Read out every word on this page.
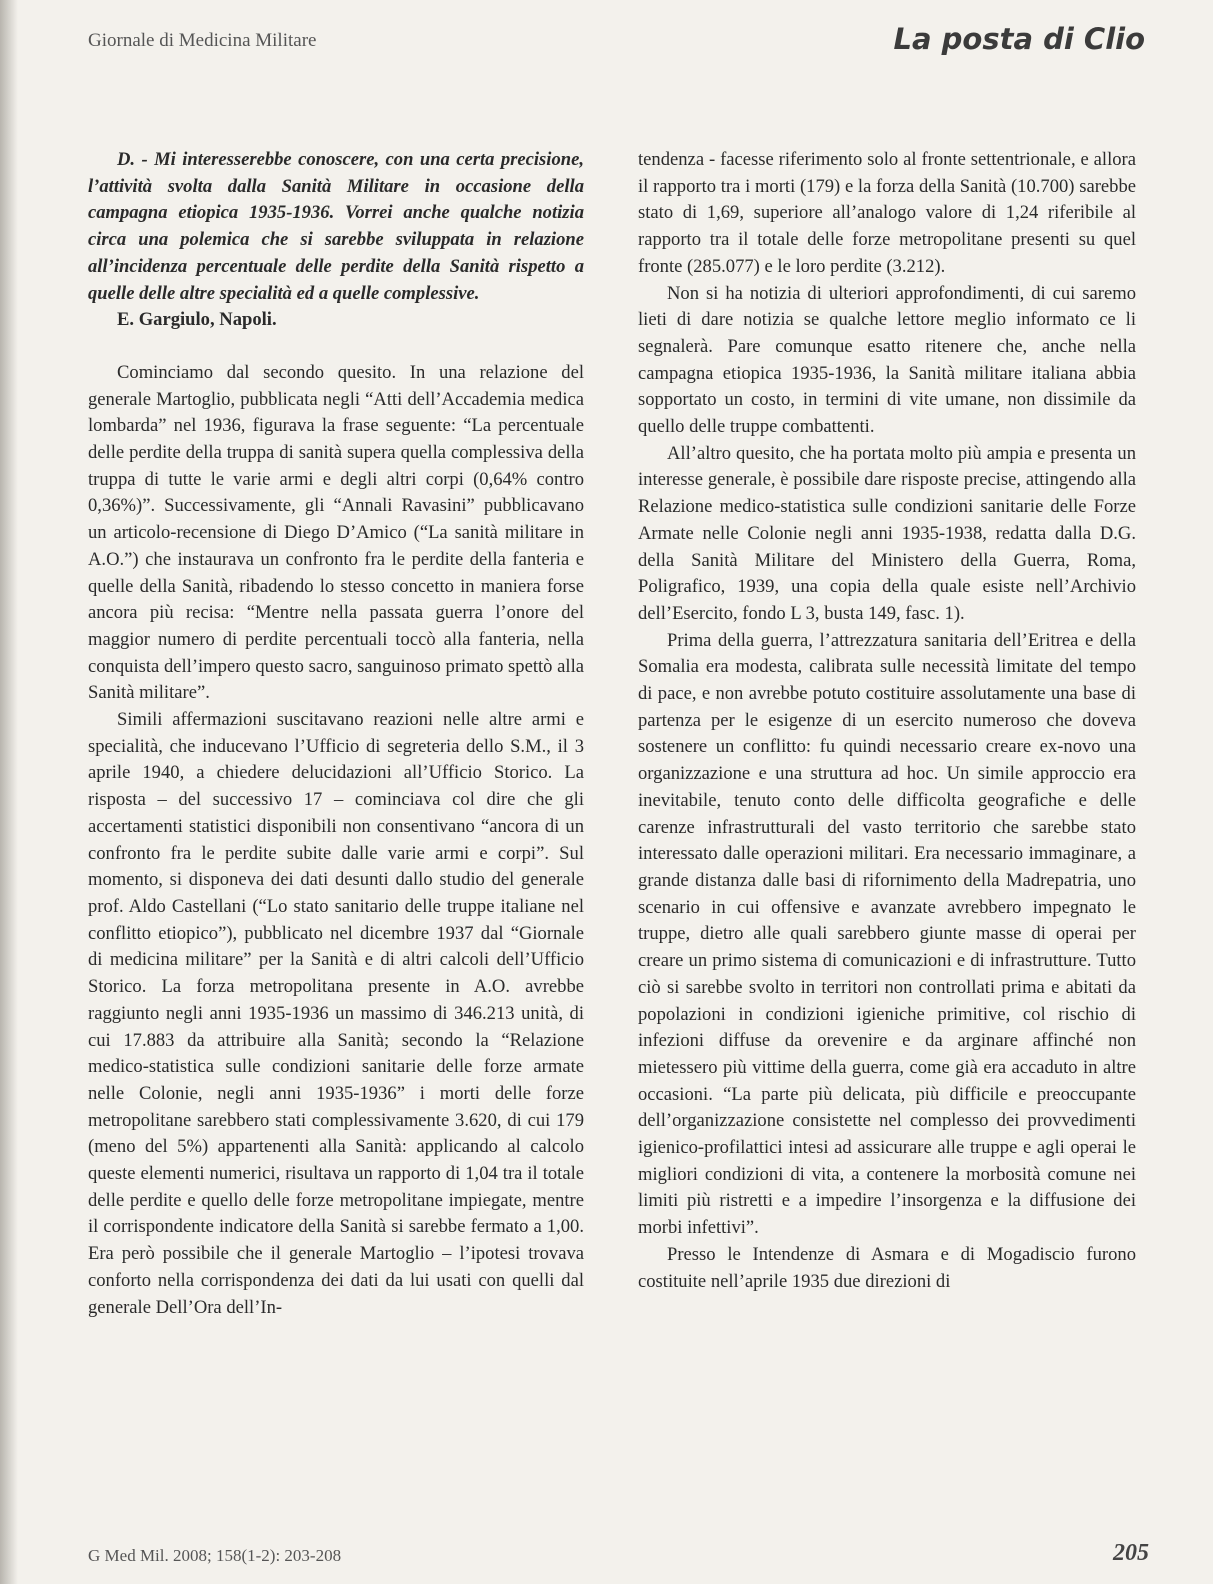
Giornale di Medicina Militare	La posta di Clio

D. - Mi interesserebbe conoscere, con una certa precisione, l’attività svolta dalla Sanità Militare in occasione della campagna etiopica 1935-1936. Vorrei anche qualche notizia circa una polemica che si sarebbe sviluppata in relazione all’incidenza percentuale delle perdite della Sanità rispetto a quelle delle altre specialità ed a quelle complessive.

E. Gargiulo, Napoli.

Cominciamo dal secondo quesito. In una relazione del generale Martoglio, pubblicata negli “Atti dell’Accademia medica lombarda” nel 1936, figurava la frase seguente: “La percentuale delle perdite della truppa di sanità supera quella complessiva della truppa di tutte le varie armi e degli altri corpi (0,64% contro 0,36%)”. Successivamente, gli “Annali Ravasini” pubblicavano un articolo-recensione di Diego D’Amico (“La sanità militare in A.O.”) che instaurava un confronto fra le perdite della fanteria e quelle della Sanità, ribadendo lo stesso concetto in maniera forse ancora più recisa: “Mentre nella passata guerra l’onore del maggior numero di perdite percentuali toccò alla fanteria, nella conquista dell’impero questo sacro, sanguinoso primato spettò alla Sanità militare”.

Simili affermazioni suscitavano reazioni nelle altre armi e specialità, che inducevano l’Ufficio di segreteria dello S.M., il 3 aprile 1940, a chiedere delucidazioni all’Ufficio Storico. La risposta – del successivo 17 – cominciava col dire che gli accertamenti statistici disponibili non consentivano “ancora di un confronto fra le perdite subite dalle varie armi e corpi”. Sul momento, si disponeva dei dati desunti dallo studio del generale prof. Aldo Castellani (“Lo stato sanitario delle truppe italiane nel conflitto etiopico”), pubblicato nel dicembre 1937 dal “Giornale di medicina militare” per la Sanità e di altri calcoli dell’Ufficio Storico. La forza metropolitana presente in A.O. avrebbe raggiunto negli anni 1935-1936 un massimo di 346.213 unità, di cui 17.883 da attribuire alla Sanità; secondo la “Relazione medico-statistica sulle condizioni sanitarie delle forze armate nelle Colonie, negli anni 1935-1936” i morti delle forze metropolitane sarebbero stati complessivamente 3.620, di cui 179 (meno del 5%) appartenenti alla Sanità: applicando al calcolo queste elementi numerici, risultava un rapporto di 1,04 tra il totale delle perdite e quello delle forze metropolitane impiegate, mentre il corrispondente indicatore della Sanità si sarebbe fermato a 1,00. Era però possibile che il generale Martoglio – l’ipotesi trovava conforto nella corrispondenza dei dati da lui usati con quelli dal generale Dell’Ora dell’In-

tendenza - facesse riferimento solo al fronte settentrionale, e allora il rapporto tra i morti (179) e la forza della Sanità (10.700) sarebbe stato di 1,69, superiore all’analogo valore di 1,24 riferibile al rapporto tra il totale delle forze metropolitane presenti su quel fronte (285.077) e le loro perdite (3.212).

Non si ha notizia di ulteriori approfondimenti, di cui saremo lieti di dare notizia se qualche lettore meglio informato ce li segnalerà. Pare comunque esatto ritenere che, anche nella campagna etiopica 1935-1936, la Sanità militare italiana abbia sopportato un costo, in termini di vite umane, non dissimile da quello delle truppe combattenti.

All’altro quesito, che ha portata molto più ampia e presenta un interesse generale, è possibile dare risposte precise, attingendo alla Relazione medico-statistica sulle condizioni sanitarie delle Forze Armate nelle Colonie negli anni 1935-1938, redatta dalla D.G. della Sanità Militare del Ministero della Guerra, Roma, Poligrafico, 1939, una copia della quale esiste nell’Archivio dell’Esercito, fondo L 3, busta 149, fasc. 1).

Prima della guerra, l’attrezzatura sanitaria dell’Eritrea e della Somalia era modesta, calibrata sulle necessità limitate del tempo di pace, e non avrebbe potuto costituire assolutamente una base di partenza per le esigenze di un esercito numeroso che doveva sostenere un conflitto: fu quindi necessario creare ex-novo una organizzazione e una struttura ad hoc. Un simile approccio era inevitabile, tenuto conto delle difficolta geografiche e delle carenze infrastrutturali del vasto territorio che sarebbe stato interessato dalle operazioni militari. Era necessario immaginare, a grande distanza dalle basi di rifornimento della Madrepatria, uno scenario in cui offensive e avanzate avrebbero impegnato le truppe, dietro alle quali sarebbero giunte masse di operai per creare un primo sistema di comunicazioni e di infrastrutture. Tutto ciò si sarebbe svolto in territori non controllati prima e abitati da popolazioni in condizioni igieniche primitive, col rischio di infezioni diffuse da orevenire e da arginare affinché non mietessero più vittime della guerra, come già era accaduto in altre occasioni. “La parte più delicata, più difficile e preoccupante dell’organizzazione consistette nel complesso dei provvedimenti igienico-profilattici intesi ad assicurare alle truppe e agli operai le migliori condizioni di vita, a contenere la morbosità comune nei limiti più ristretti e a impedire l’insorgenza e la diffusione dei morbi infettivi”.

Presso le Intendenze di Asmara e di Mogadiscio furono costituite nell’aprile 1935 due direzioni di

G Med Mil. 2008; 158(1-2): 203-208	205
